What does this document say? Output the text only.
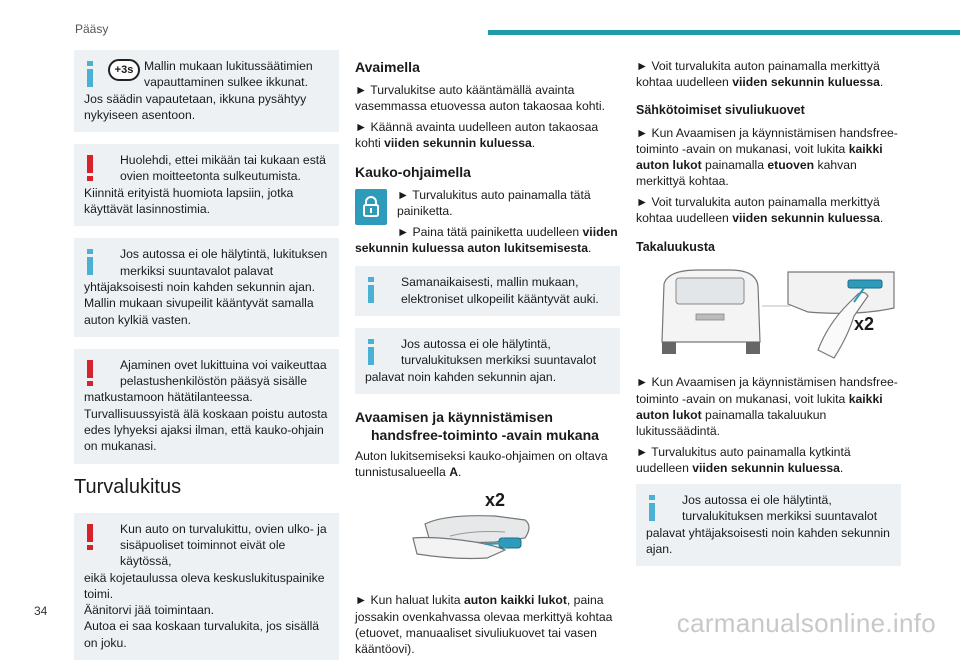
Pääsy
+3s Mallin mukaan lukitussäätimien vapauttaminen sulkee ikkunat.
Jos säädin vapautetaan, ikkuna pysähtyy nykyiseen asentoon.
Huolehdi, ettei mikään tai kukaan estä ovien moitteetonta sulkeutumista.
Kiinnitä erityistä huomiota lapsiin, jotka käyttävät lasinnostimia.
Jos autossa ei ole hälytintä, lukituksen merkiksi suuntavalot palavat
yhtäjaksoisesti noin kahden sekunnin ajan. Mallin mukaan sivupeilit kääntyvät samalla auton kylkiä vasten.
Ajaminen ovet lukittuina voi vaikeuttaa pelastushenkilöstön pääsyä sisälle
matkustamoon hätätilanteessa. Turvallisuussyistä älä koskaan poistu autosta edes lyhyeksi ajaksi ilman, että kauko-ohjain on mukanasi.
Turvalukitus
Kun auto on turvalukittu, ovien ulko- ja sisäpuoliset toiminnot eivät ole käytössä,
eikä kojetaulussa oleva keskuslukituspainike toimi.
Äänitorvi jää toimintaan.
Autoa ei saa koskaan turvalukita, jos sisällä on joku.
Avaimella

► Turvalukitse auto kääntämällä avainta vasemmassa etuovessa auton takaosaa kohti.

► Käännä avainta uudelleen auton takaosaa kohti viiden sekunnin kuluessa.

Kauko-ohjaimella

► Turvalukitus auto painamalla tätä painiketta.

► Paina tätä painiketta uudelleen viiden sekunnin kuluessa auton lukitsemisesta.

Samanaikaisesti, mallin mukaan, elektroniset ulkopeilit kääntyvät auki.
Jos autossa ei ole hälytintä, turvalukituksen merkiksi suuntavalot
palavat noin kahden sekunnin ajan.
Avaamisen ja käynnistämisen handsfree-toiminto -avain mukana

Auton lukitsemiseksi kauko-ohjaimen on oltava tunnistusalueella A.

x2

► Kun haluat lukita auton kaikki lukot, paina jossakin ovenkahvassa olevaa merkittyä kohtaa (etuovet, manuaaliset sivuliukuovet tai vasen kääntöovi).

► Voit turvalukita auton painamalla merkittyä kohtaa uudelleen viiden sekunnin kuluessa.

Sähkötoimiset sivuliukuovet

► Kun Avaamisen ja käynnistämisen handsfree-toiminto -avain on mukanasi, voit lukita kaikki auton lukot painamalla etuoven kahvan merkittyä kohtaa.

► Voit turvalukita auton painamalla merkittyä kohtaa uudelleen viiden sekunnin kuluessa.

Takaluukusta
x2

► Kun Avaamisen ja käynnistämisen handsfree-toiminto -avain on mukanasi, voit lukita kaikki auton lukot painamalla takaluukun lukitussäädintä.

► Turvalukitus auto painamalla kytkintä uudelleen viiden sekunnin kuluessa.

Jos autossa ei ole hälytintä, turvalukituksen merkiksi suuntavalot
palavat yhtäjaksoisesti noin kahden sekunnin ajan.
34	carmanualsonline.info
